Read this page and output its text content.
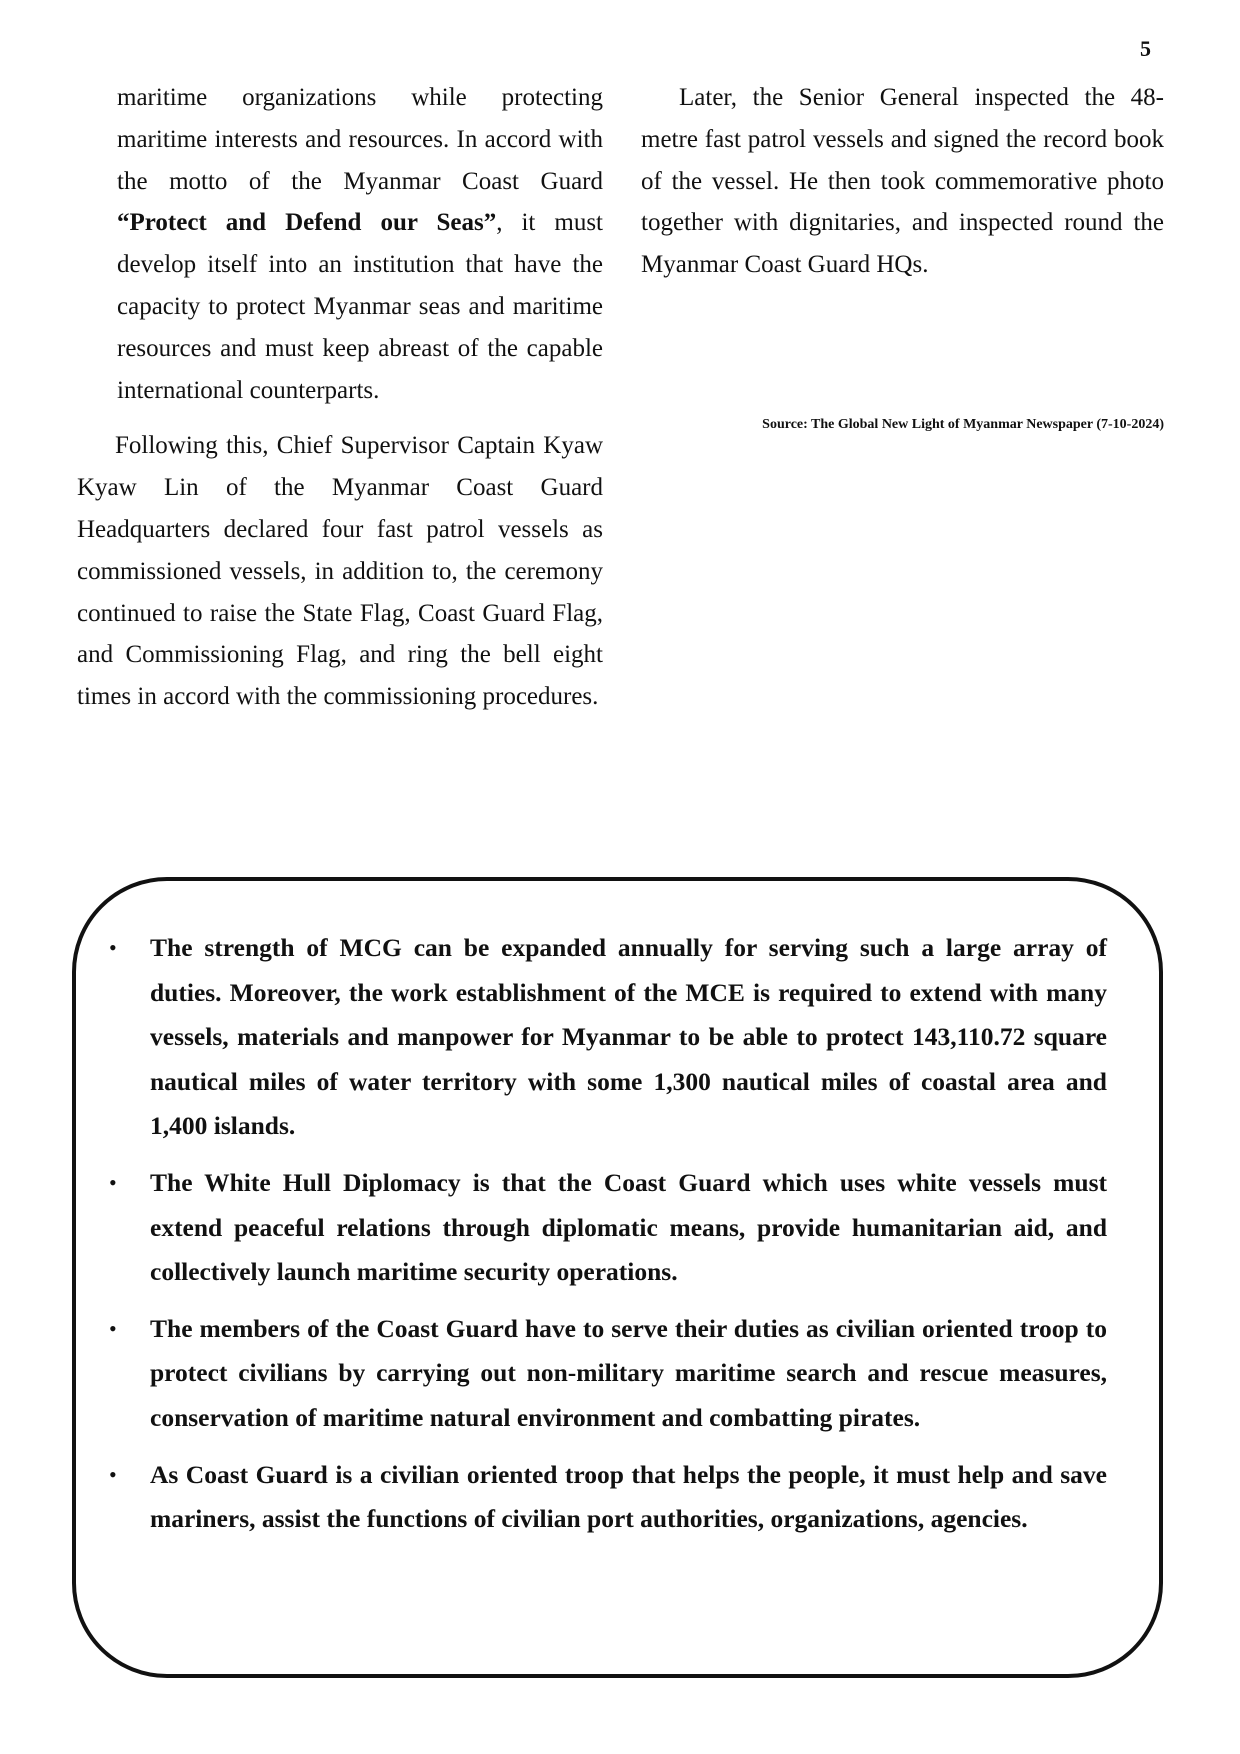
5

maritime organizations while protecting maritime interests and resources. In accord with the motto of the Myanmar Coast Guard “Protect and Defend our Seas”, it must develop itself into an institution that have the capacity to protect Myanmar seas and maritime resources and must keep abreast of the capable international counterparts.

Following this, Chief Supervisor Captain Kyaw Kyaw Lin of the Myanmar Coast Guard Headquarters declared four fast patrol vessels as commissioned vessels, in addition to, the ceremony continued to raise the State Flag, Coast Guard Flag, and Commissioning Flag, and ring the bell eight times in accord with the commissioning procedures.

Later, the Senior General inspected the 48-metre fast patrol vessels and signed the record book of the vessel. He then took commemorative photo together with dignitaries, and inspected round the Myanmar Coast Guard HQs.

Source: The Global New Light of Myanmar Newspaper (7-10-2024)
• The strength of MCG can be expanded annually for serving such a large array of duties. Moreover, the work establishment of the MCE is required to extend with many vessels, materials and manpower for Myanmar to be able to protect 143,110.72 square nautical miles of water territory with some 1,300 nautical miles of coastal area and 1,400 islands.
• The White Hull Diplomacy is that the Coast Guard which uses white vessels must extend peaceful relations through diplomatic means, provide humanitarian aid, and collectively launch maritime security operations.
• The members of the Coast Guard have to serve their duties as civilian oriented troop to protect civilians by carrying out non-military maritime search and rescue measures, conservation of maritime natural environment and combatting pirates.
• As Coast Guard is a civilian oriented troop that helps the people, it must help and save mariners, assist the functions of civilian port authorities, organizations, agencies.
